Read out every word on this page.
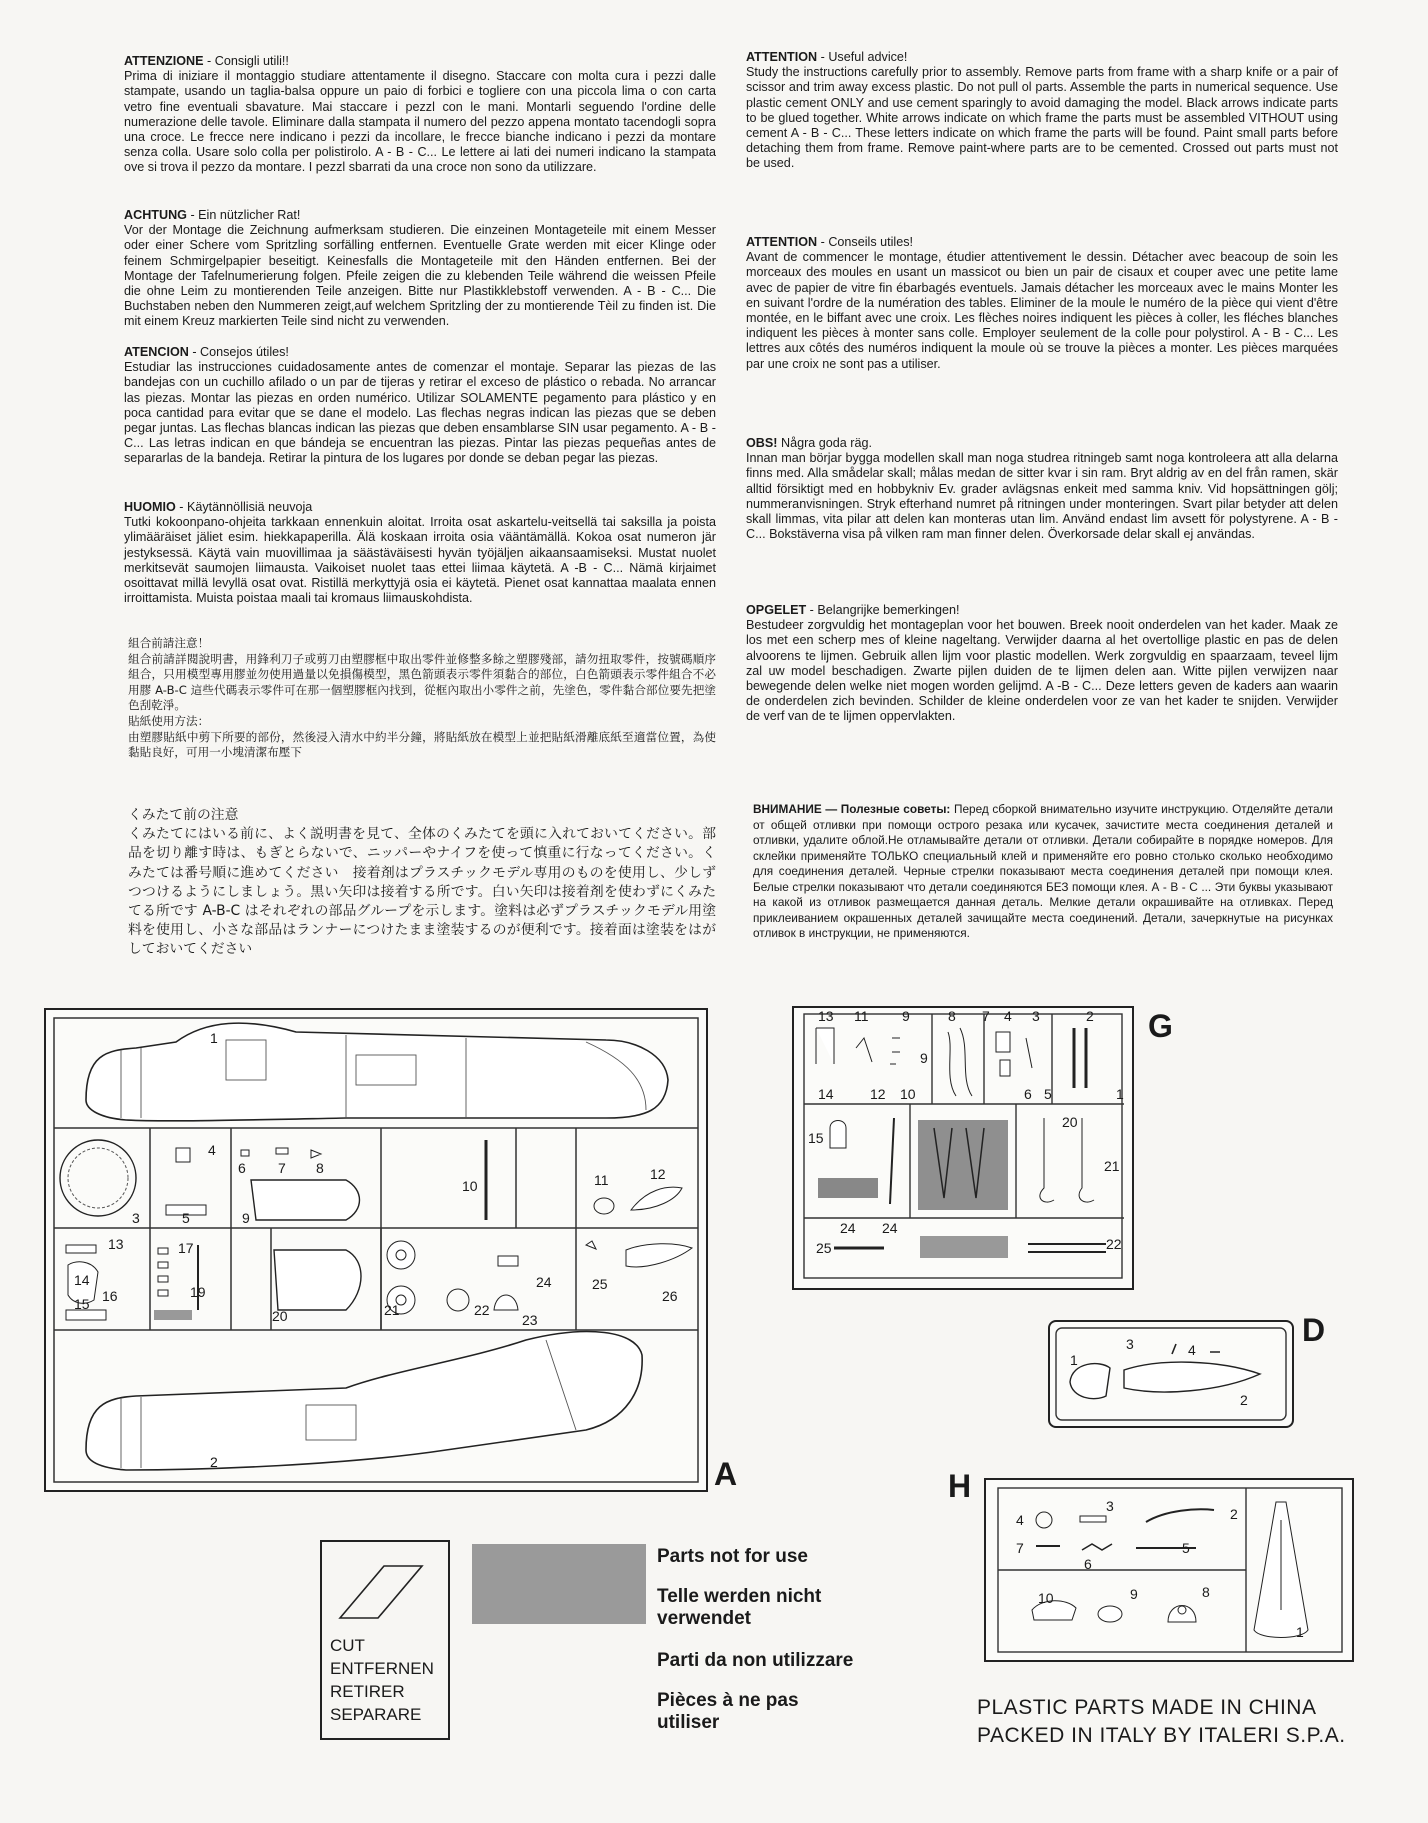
ATTENZIONE - Consigli utili!!

Prima di iniziare il montaggio studiare attentamente il disegno. Staccare con molta cura i pezzi dalle stampate, usando un taglia-balsa oppure un paio di forbici e togliere con una piccola lima o con carta vetro fine eventuali sbavature. Mai staccare i pezzl con le mani. Montarli seguendo l'ordine delle numerazione delle tavole. Eliminare dalla stampata il numero del pezzo appena montato tacendogli sopra una croce. Le frecce nere indicano i pezzi da incollare, le frecce bianche indicano i pezzi da montare senza colla. Usare solo colla per polistirolo. A - B - C... Le lettere ai lati dei numeri indicano la stampata ove si trova il pezzo da montare. I pezzl sbarrati da una croce non sono da utilizzare.

ACHTUNG - Ein nützlicher Rat!

Vor der Montage die Zeichnung aufmerksam studieren. Die einzeinen Montageteile mit einem Messer oder einer Schere vom Spritzling sorfälling entfernen. Eventuelle Grate werden mit eicer Klinge oder feinem Schmirgelpapier beseitigt. Keinesfalls die Montageteile mit den Händen entfernen. Bei der Montage der Tafelnumerierung folgen. Pfeile zeigen die zu klebenden Teile während die weissen Pfeile die ohne Leim zu montierenden Teile anzeigen. Bitte nur Plastikklebstoff verwenden. A - B - C... Die Buchstaben neben den Nummeren zeigt,auf welchem Spritzling der zu montierende Tèil zu finden ist. Die mit einem Kreuz markierten Teile sind nicht zu verwenden.

ATENCION - Consejos útiles!

Estudiar las instrucciones cuidadosamente antes de comenzar el montaje. Separar las piezas de las bandejas con un cuchillo afilado o un par de tijeras y retirar el exceso de plástico o rebada. No arrancar las piezas. Montar las piezas en orden numérico. Utilizar SOLAMENTE pegamento para plástico y en poca cantidad para evitar que se dane el modelo. Las flechas negras indican las piezas que se deben pegar juntas. Las flechas blancas indican las piezas que deben ensamblarse SIN usar pegamento. A - B - C... Las letras indican en que bándeja se encuentran las piezas. Pintar las piezas pequeñas antes de separarlas de la bandeja. Retirar la pintura de los lugares por donde se deban pegar las piezas.

HUOMIO - Käytännöllisiä neuvoja

Tutki kokoonpano-ohjeita tarkkaan ennenkuin aloitat. Irroita osat askartelu-veitsellä tai saksilla ja poista ylimääräiset jäliet esim. hiekkapaperilla. Älä koskaan irroita osia vääntämällä. Kokoa osat numeron jär jestyksessä. Käytä vain muovillimaa ja säästäväisesti hyvän työjäljen aikaansaamiseksi. Mustat nuolet merkitsevät saumojen liimausta. Vaikoiset nuolet taas ettei liimaa käytetä. A -B - C... Nämä kirjaimet osoittavat millä levyllä osat ovat. Ristillä merkyttyjä osia ei käytetä. Pienet osat kannattaa maalata ennen irroittamista. Muista poistaa maali tai kromaus liimauskohdista.

組合前請注意！

組合前請詳閱說明書，用鋒利刀子或剪刀由塑膠框中取出零件並修整多餘之塑膠殘部，請勿扭取零件，按號碼順序組合，只用模型專用膠並勿使用過量以免損傷模型，黑色箭頭表示零件須黏合的部位，白色箭頭表示零件組合不必用膠 A-B-C 這些代碼表示零件可在那一個塑膠框內找到，從框內取出小零件之前，先塗色，零件黏合部位要先把塗色刮乾淨。

貼紙使用方法：

由塑膠貼紙中剪下所要的部份，然後浸入清水中約半分鐘，將貼紙放在模型上並把貼紙滑離底紙至適當位置，為使黏貼良好，可用一小塊清潔布壓下

くみたて前の注意

くみたてにはいる前に、よく説明書を見て、全体のくみたてを頭に入れておいてください。部品を切り離す時は、もぎとらないで、ニッパーやナイフを使って慎重に行なってください。くみたては番号順に進めてください　接着剤はプラスチックモデル専用のものを使用し、少しずつつけるようにしましょう。黒い矢印は接着する所です。白い矢印は接着剤を使わずにくみたてる所です A-B-C はそれぞれの部品グループを示します。塗料は必ずプラスチックモデル用塗料を使用し、小さな部品はランナーにつけたまま塗装するのが便利です。接着面は塗装をはがしておいてください

ATTENTION - Useful advice!

Study the instructions carefully prior to assembly. Remove parts from frame with a sharp knife or a pair of scissor and trim away excess plastic. Do not pull ol parts. Assemble the parts in numerical sequence. Use plastic cement ONLY and use cement sparingly to avoid damaging the model. Black arrows indicate parts to be glued together. White arrows indicate on which frame the parts must be assembled VITHOUT using cement A - B - C... These letters indicate on which frame the parts will be found. Paint small parts before detaching them from frame. Remove paint-where parts are to be cemented. Crossed out parts must not be used.

ATTENTION - Conseils utiles!

Avant de commencer le montage, étudier attentivement le dessin. Détacher avec beacoup de soin les morceaux des moules en usant un massicot ou bien un pair de cisaux et couper avec une petite lame avec de papier de vitre fin ébarbagés eventuels. Jamais détacher les morceaux avec le mains Monter les en suivant l'ordre de la numération des tables. Eliminer de la moule le numéro de la pièce qui vient d'être montée, en le biffant avec une croix. Les flèches noires indiquent les pièces à coller, les fléches blanches indiquent les pièces à monter sans colle. Employer seulement de la colle pour polystirol. A - B - C... Les lettres aux côtés des numéros indiquent la moule où se trouve la pièces a monter. Les pièces marquées par une croix ne sont pas a utiliser.

OBS! Några goda räg.

Innan man börjar bygga modellen skall man noga studrea ritningeb samt noga kontroleera att alla delarna finns med. Alla smådelar skall; målas medan de sitter kvar i sin ram. Bryt aldrig av en del från ramen, skär alltid försiktigt med en hobbykniv Ev. grader avlägsnas enkeit med samma kniv. Vid hopsättningen gölj; nummeranvisningen. Stryk efterhand numret på ritningen under monteringen. Svart pilar betyder att delen skall limmas, vita pilar att delen kan monteras utan lim. Använd endast lim avsett för polystyrene. A - B - C... Bokstäverna visa på vilken ram man finner delen. Överkorsade delar skall ej användas.

OPGELET - Belangrijke bemerkingen!

Bestudeer zorgvuldig het montageplan voor het bouwen. Breek nooit onderdelen van het kader. Maak ze los met een scherp mes of kleine nageltang. Verwijder daarna al het overtollige plastic en pas de delen alvoorens te lijmen. Gebruik allen lijm voor plastic modellen. Werk zorgvuldig en spaarzaam, teveel lijm zal uw model beschadigen. Zwarte pijlen duiden de te lijmen delen aan. Witte pijlen verwijzen naar bewegende delen welke niet mogen worden gelijmd. A -B - C... Deze letters geven de kaders aan waarin de onderdelen zich bevinden. Schilder de kleine onderdelen voor ze van het kader te snijden. Verwijder de verf van de te lijmen oppervlakten.

ВНИМАНИЕ — Полезные советы: Перед сборкой внимательно изучите инструкцию. Отделяйте детали от общей отливки при помощи острого резака или кусачек, зачистите места соединения деталей и отливки, удалите облой.Не отламывайте детали от отливки. Детали собирайте в порядке номеров. Для склейки применяйте ТОЛЬКО специальный клей и применяйте его ровно столько сколько необходимо для соединения деталей. Черные стрелки показывают места соединения деталей при помощи клея. Белые стрелки показывают что детали соединяются БЕЗ помощи клея. А - В - С ... Эти буквы указывают на какой из отливок размещается данная деталь. Мелкие детали окрашивайте на отливках. Перед приклеиванием окрашенных деталей зачищайте места соединений. Детали, зачеркнутые на рисунках отливок в инструкции, не применяются.
1
2
3
4
5
6 7 8
9
10	11	12
13
14
15 16
17
19
20	21	22
23
24	25
26
A
13 11 9	8 7 4 3	2
9
14	12 10	6 5	1
15
20
21
24 24
25	22
G
3	4
1
2
D
4
3	2
7
6
5
10	9	8
1
H
CUT
ENTFERNEN
RETIRER
SEPARARE
Parts not for use
Telle werden nicht verwendet
Parti da non utilizzare
Pièces à ne pas utiliser
PLASTIC PARTS MADE IN CHINA
PACKED IN ITALY BY ITALERI S.P.A.
